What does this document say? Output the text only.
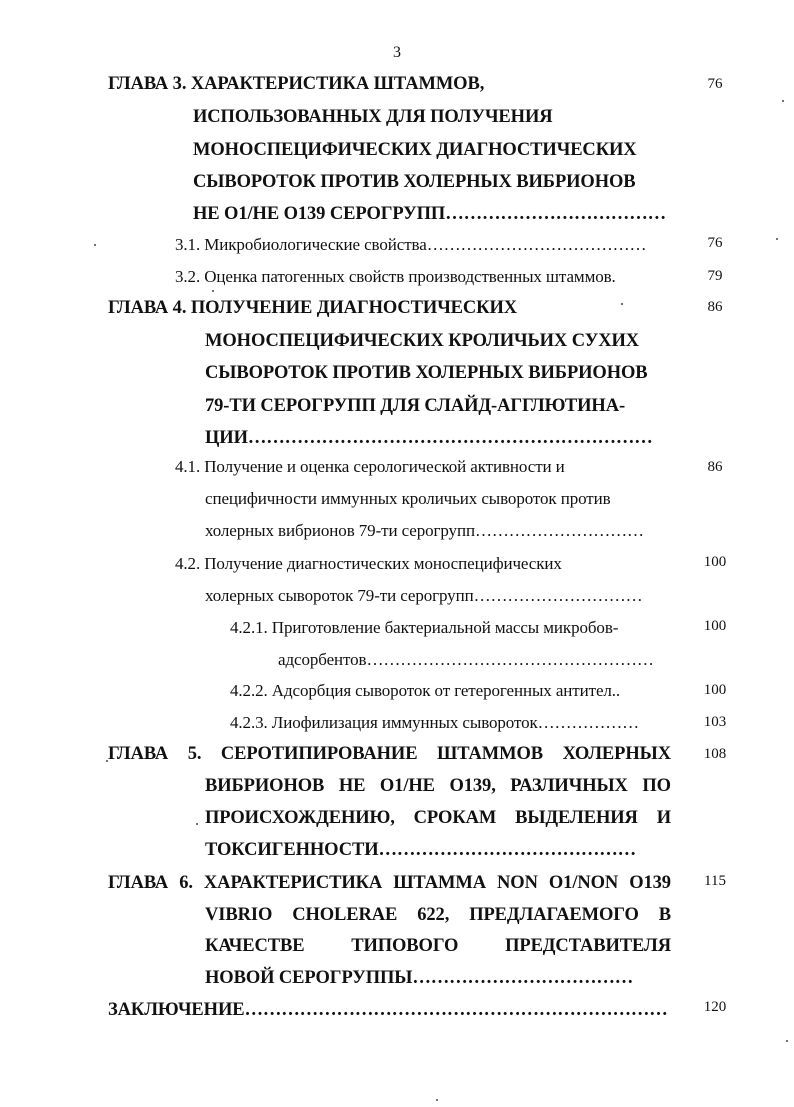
3
ГЛАВА 3. ХАРАКТЕРИСТИКА ШТАММОВ,
ИСПОЛЬЗОВАННЫХ ДЛЯ ПОЛУЧЕНИЯ
МОНОСПЕЦИФИЧЕСКИХ ДИАГНОСТИЧЕСКИХ
СЫВОРОТОК ПРОТИВ ХОЛЕРНЫХ ВИБРИОНОВ
НЕ О1/НЕ О139 СЕРОГРУПП………………………………
76
3.1. Микробиологические свойства…………………………………	76
3.2. Оценка патогенных свойств производственных штаммов.	79
ГЛАВА 4. ПОЛУЧЕНИЕ ДИАГНОСТИЧЕСКИХ
МОНОСПЕЦИФИЧЕСКИХ КРОЛИЧЬИХ СУХИХ
СЫВОРОТОК ПРОТИВ ХОЛЕРНЫХ ВИБРИОНОВ
79-ТИ СЕРОГРУПП ДЛЯ СЛАЙД-АГГЛЮТИНА-
ЦИИ…………………………………………………………
86
4.1. Получение и оценка серологической активности и
специфичности иммунных кроличьих сывороток против
холерных вибрионов 79-ти серогрупп…………………………
86
4.2. Получение диагностических моноспецифических
холерных сывороток 79-ти серогрупп…………………………
100
4.2.1. Приготовление бактериальной массы микробов-
адсорбентов……………………………………………
100
4.2.2. Адсорбция сывороток от гетерогенных антител..	100
4.2.3. Лиофилизация иммунных сывороток………………	103
ГЛАВА 5. СЕРОТИПИРОВАНИЕ ШТАММОВ ХОЛЕРНЫХ
ВИБРИОНОВ НЕ О1/НЕ О139, РАЗЛИЧНЫХ ПО
ПРОИСХОЖДЕНИЮ, СРОКАМ ВЫДЕЛЕНИЯ И
ТОКСИГЕННОСТИ……………………………………
108
ГЛАВА 6. ХАРАКТЕРИСТИКА ШТАММА NON O1/NON O139
VIBRIO CHOLERAE 622, ПРЕДЛАГАЕМОГО В
КАЧЕСТВЕ	ТИПОВОГО	ПРЕДСТАВИТЕЛЯ
НОВОЙ СЕРОГРУППЫ………………………………
115
ЗАКЛЮЧЕНИЕ…………………………………………………………… 120
